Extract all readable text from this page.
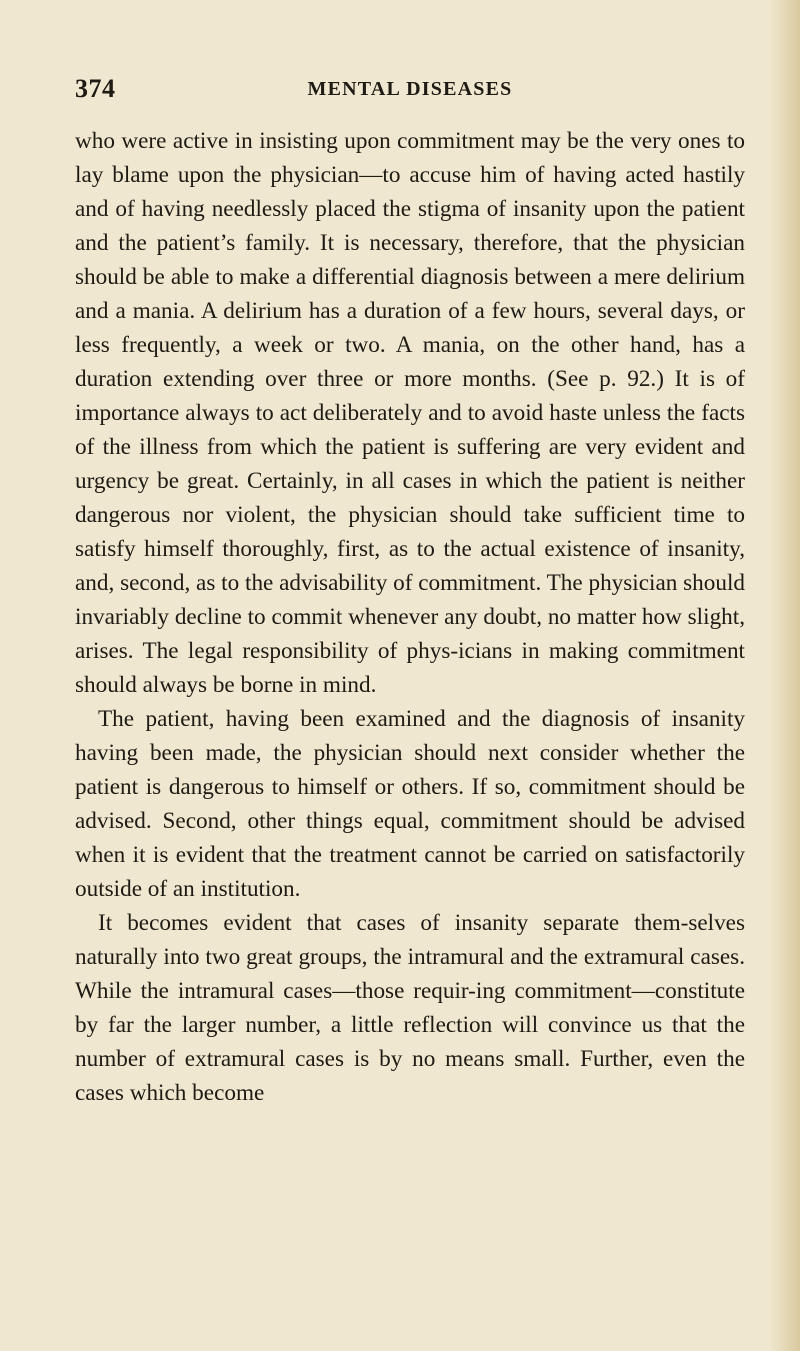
374	MENTAL DISEASES

who were active in insisting upon commitment may be the very ones to lay blame upon the physician—to accuse him of having acted hastily and of having needlessly placed the stigma of insanity upon the patient and the patient’s family. It is necessary, therefore, that the physician should be able to make a differential diagnosis between a mere delirium and a mania. A delirium has a duration of a few hours, several days, or less frequently, a week or two. A mania, on the other hand, has a duration extending over three or more months. (See p. 92.) It is of importance always to act deliberately and to avoid haste unless the facts of the illness from which the patient is suffering are very evident and urgency be great. Certainly, in all cases in which the patient is neither dangerous nor violent, the physician should take sufficient time to satisfy himself thoroughly, first, as to the actual existence of insanity, and, second, as to the advisability of commitment. The physician should invariably decline to commit whenever any doubt, no matter how slight, arises. The legal responsibility of phys-icians in making commitment should always be borne in mind.

The patient, having been examined and the diagnosis of insanity having been made, the physician should next consider whether the patient is dangerous to himself or others. If so, commitment should be advised. Second, other things equal, commitment should be advised when it is evident that the treatment cannot be carried on satisfactorily outside of an institution.

It becomes evident that cases of insanity separate them-selves naturally into two great groups, the intramural and the extramural cases. While the intramural cases—those requir-ing commitment—constitute by far the larger number, a little reflection will convince us that the number of extramural cases is by no means small. Further, even the cases which become
